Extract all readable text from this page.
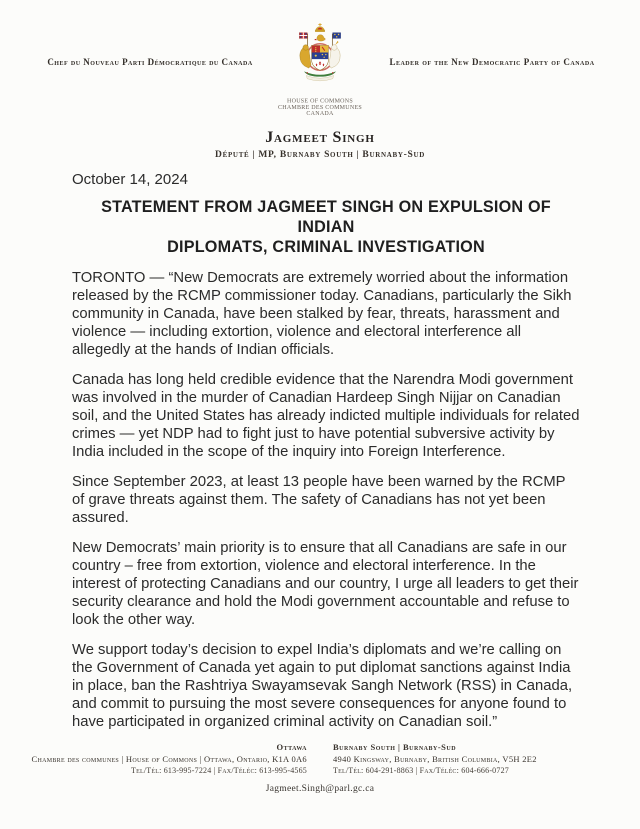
Chef du Nouveau Parti Démocratique du Canada
HOUSE OF COMMONS
CHAMBRE DES COMMUNES
CANADA
Leader of the New Democratic Party of Canada
Jagmeet Singh
Député | MP, Burnaby South | Burnaby-Sud
October 14, 2024
STATEMENT FROM JAGMEET SINGH ON EXPULSION OF INDIAN
DIPLOMATS, CRIMINAL INVESTIGATION

TORONTO — “New Democrats are extremely worried about the information released by the RCMP commissioner today. Canadians, particularly the Sikh community in Canada, have been stalked by fear, threats, harassment and violence — including extortion, violence and electoral interference all allegedly at the hands of Indian officials.

Canada has long held credible evidence that the Narendra Modi government was involved in the murder of Canadian Hardeep Singh Nijjar on Canadian soil, and the United States has already indicted multiple individuals for related crimes — yet NDP had to fight just to have potential subversive activity by India included in the scope of the inquiry into Foreign Interference.

Since September 2023, at least 13 people have been warned by the RCMP of grave threats against them. The safety of Canadians has not yet been assured.

New Democrats’ main priority is to ensure that all Canadians are safe in our country – free from extortion, violence and electoral interference. In the interest of protecting Canadians and our country, I urge all leaders to get their security clearance and hold the Modi government accountable and refuse to look the other way.

We support today’s decision to expel India’s diplomats and we’re calling on the Government of Canada yet again to put diplomat sanctions against India in place, ban the Rashtriya Swayamsevak Sangh Network (RSS) in Canada, and commit to pursuing the most severe consequences for anyone found to have participated in organized criminal activity on Canadian soil.”

Ottawa
Chambre des communes | House of Commons | Ottawa, Ontario, K1A 0A6
Tel/Tél: 613-995-7224 | Fax/Téléc: 613-995-4565
Burnaby South | Burnaby-Sud
4940 Kingsway, Burnaby, British Columbia, V5H 2E2
Tel/Tél: 604-291-8863 | Fax/Téléc: 604-666-0727
Jagmeet.Singh@parl.gc.ca
